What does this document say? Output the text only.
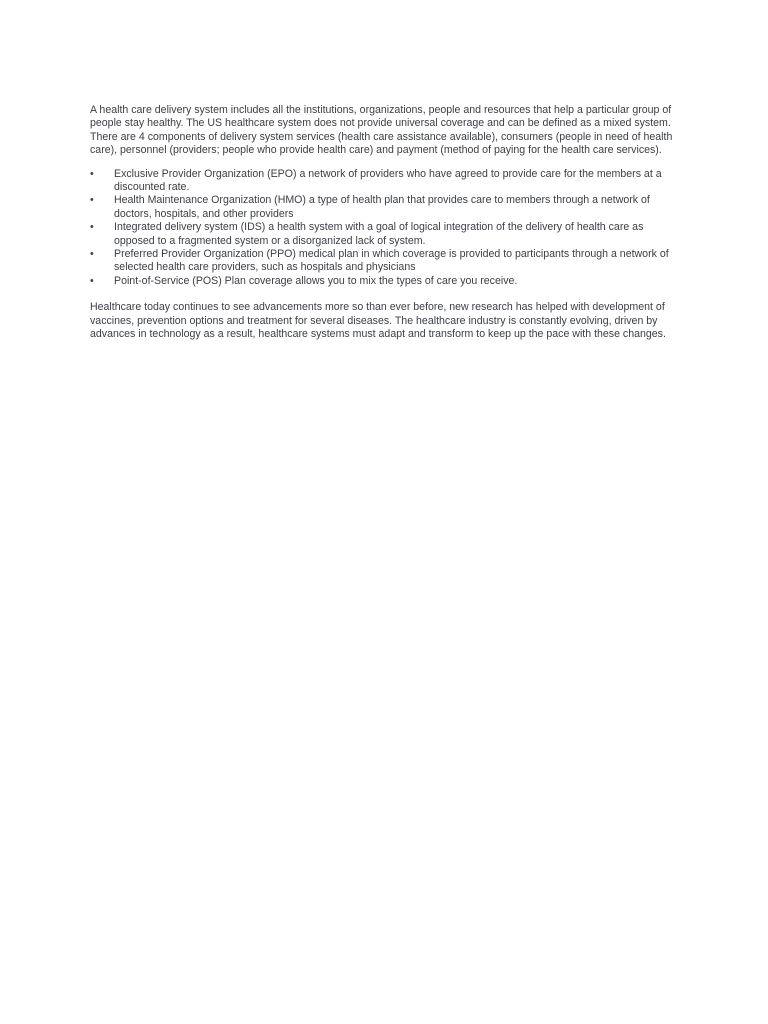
A health care delivery system includes all the institutions, organizations, people and resources that help a particular group of people stay healthy. The US healthcare system does not provide universal coverage and can be defined as a mixed system. There are 4 components of delivery system services (health care assistance available), consumers (people in need of health care), personnel (providers; people who provide health care) and payment (method of paying for the health care services).

•	Exclusive Provider Organization (EPO) a network of providers who have agreed to provide care for the members at a discounted rate.
•	Health Maintenance Organization (HMO) a type of health plan that provides care to members through a network of doctors, hospitals, and other providers
•	Integrated delivery system (IDS) a health system with a goal of logical integration of the delivery of health care as opposed to a fragmented system or a disorganized lack of system.
•	Preferred Provider Organization (PPO) medical plan in which coverage is provided to participants through a network of selected health care providers, such as hospitals and physicians
•	Point-of-Service (POS) Plan coverage allows you to mix the types of care you receive.

Healthcare today continues to see advancements more so than ever before, new research has helped with development of vaccines, prevention options and treatment for several diseases. The healthcare industry is constantly evolving, driven by advances in technology as a result, healthcare systems must adapt and transform to keep up the pace with these changes.
